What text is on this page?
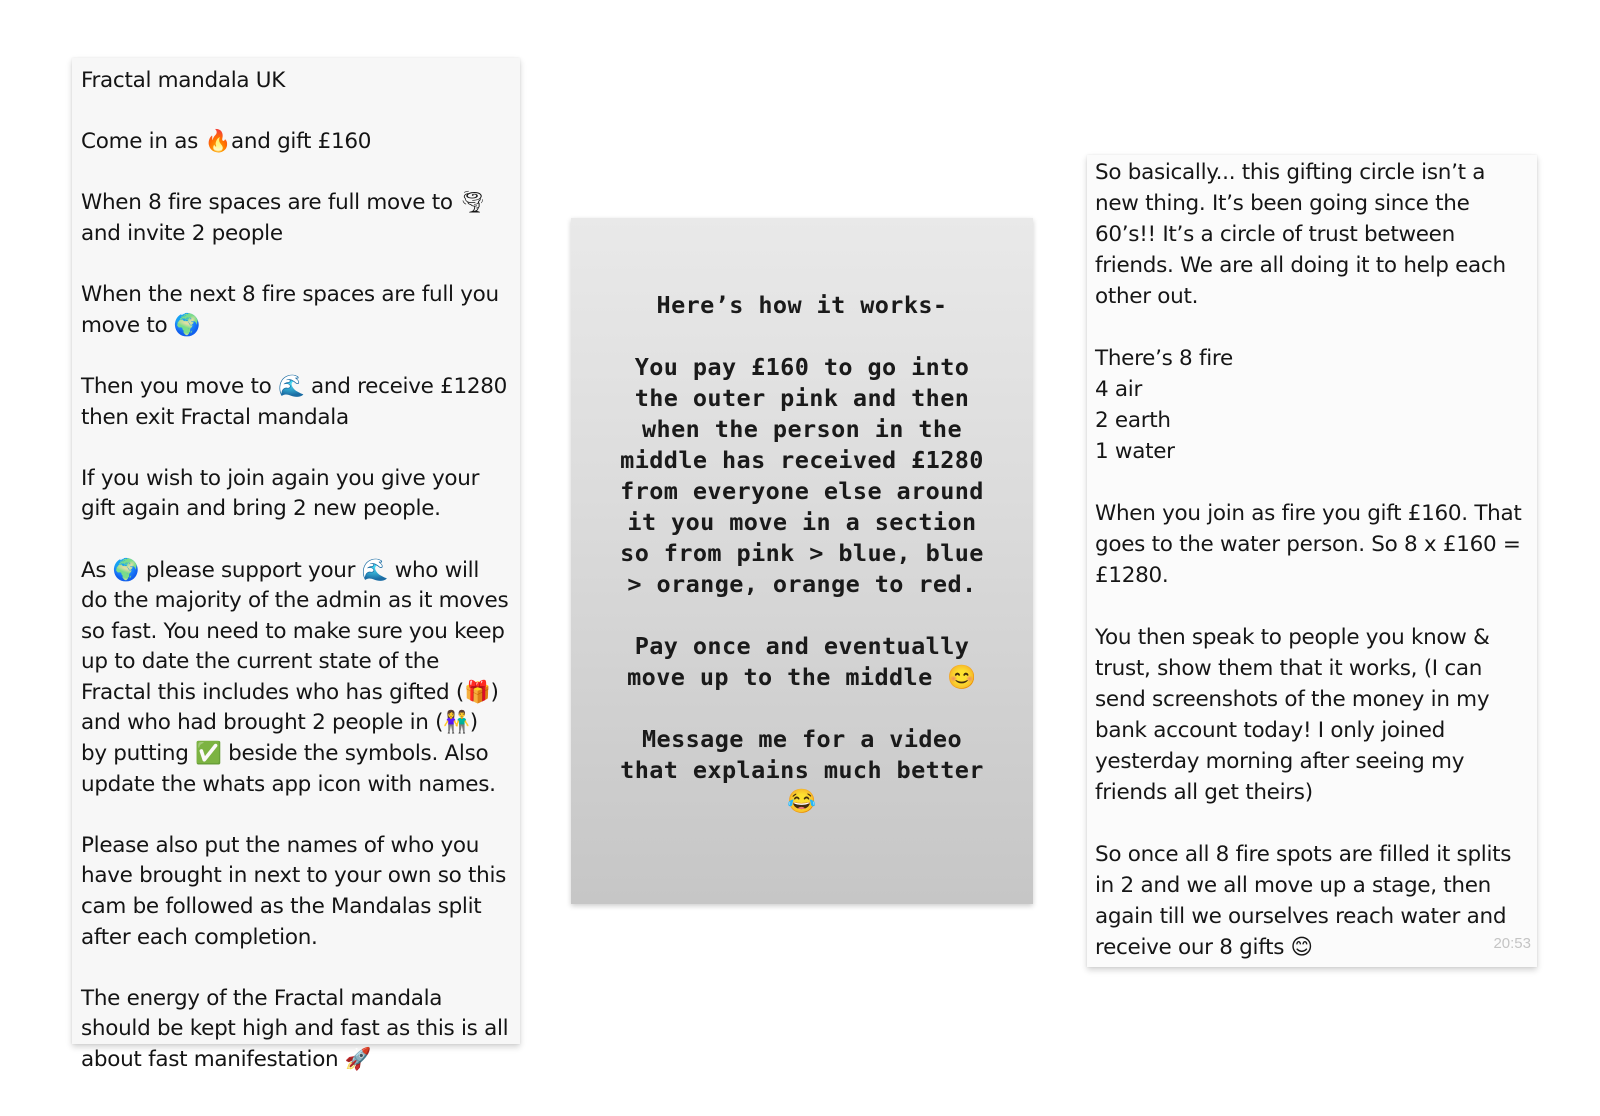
Fractal mandala UK

Come in as 🔥and gift £160

When 8 fire spaces are full move to 🌪
and invite 2 people

When the next 8 fire spaces are full you
move to 🌍

Then you move to 🌊 and receive £1280
then exit Fractal mandala

If you wish to join again you give your
gift again and bring 2 new people.

As 🌍 please support your 🌊 who will
do the majority of the admin as it moves
so fast. You need to make sure you keep
up to date the current state of the
Fractal this includes who has gifted (🎁)
and who had brought 2 people in (👫)
by putting ✅ beside the symbols. Also
update the whats app icon with names.

Please also put the names of who you
have brought in next to your own so this
cam be followed as the Mandalas split
after each completion.

The energy of the Fractal mandala
should be kept high and fast as this is all
about fast manifestation 🚀

Here’s how it works-

You pay £160 to go into
the outer pink and then
when the person in the
middle has received £1280
from everyone else around
it you move in a section
so from pink > blue, blue
> orange, orange to red.

Pay once and eventually
move up to the middle 😊

Message me for a video
that explains much better
😂

So basically... this gifting circle isn’t a
new thing. It’s been going since the
60’s!! It’s a circle of trust between
friends. We are all doing it to help each
other out.

There’s 8 fire
4 air
2 earth
1 water

When you join as fire you gift £160. That
goes to the water person. So 8 x £160 =
£1280.

You then speak to people you know &
trust, show them that it works, (I can
send screenshots of the money in my
bank account today! I only joined
yesterday morning after seeing my
friends all get theirs)

So once all 8 fire spots are filled it splits
in 2 and we all move up a stage, then
again till we ourselves reach water and
receive our 8 gifts 😊	20:53
